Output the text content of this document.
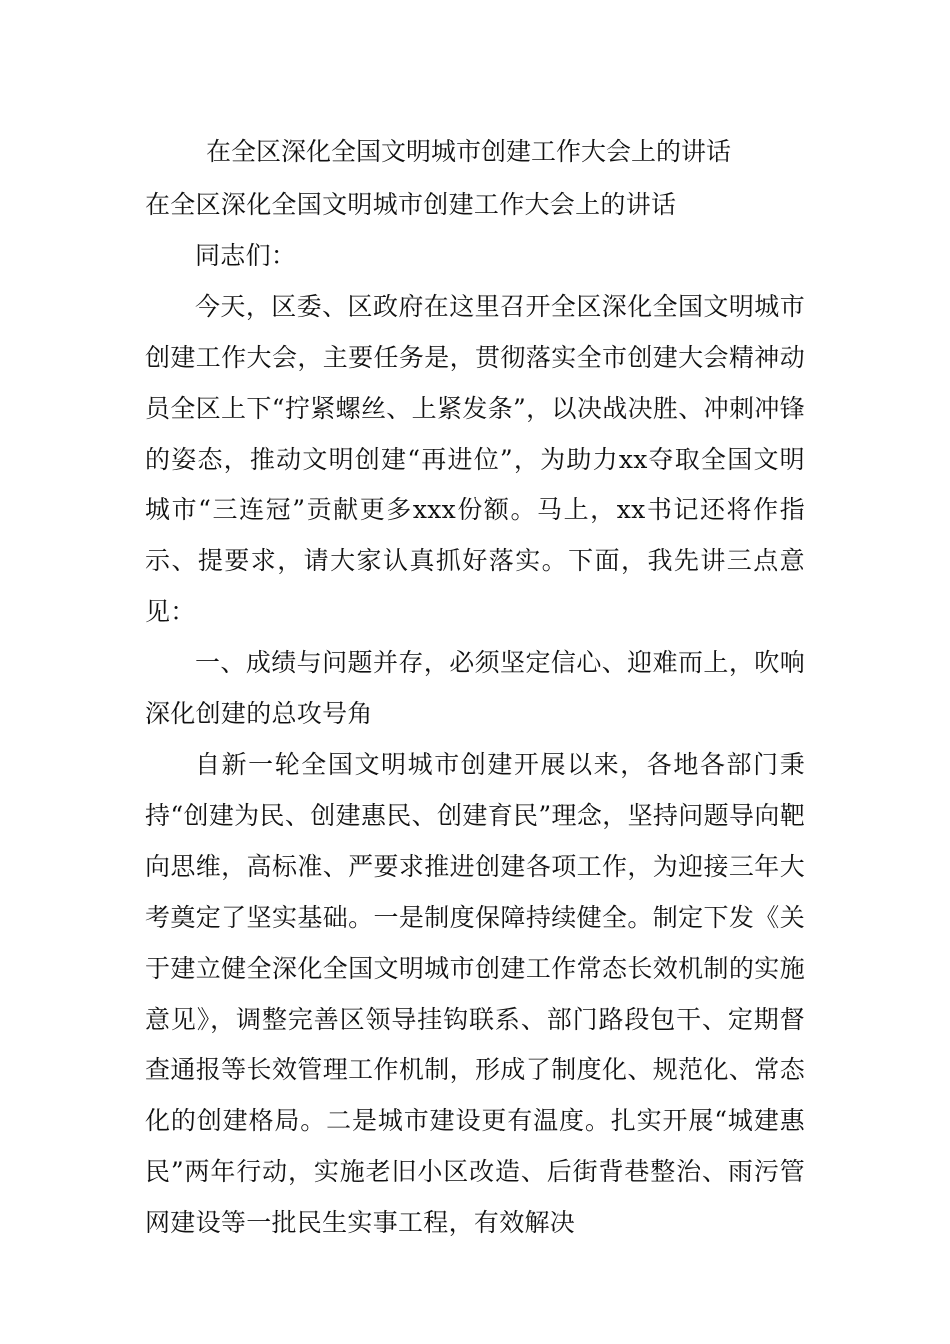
在全区深化全国文明城市创建工作大会上的讲话

在全区深化全国文明城市创建工作大会上的讲话

同志们：

今天，区委、区政府在这里召开全区深化全国文明城市创建工作大会，主要任务是，贯彻落实全市创建大会精神动员全区上下“拧紧螺丝、上紧发条”，以决战决胜、冲刺冲锋的姿态，推动文明创建“再进位”，为助力xx夺取全国文明城市“三连冠”贡献更多xxx份额。马上，xx书记还将作指示、提要求，请大家认真抓好落实。下面，我先讲三点意见：

一、成绩与问题并存，必须坚定信心、迎难而上，吹响深化创建的总攻号角

自新一轮全国文明城市创建开展以来，各地各部门秉持“创建为民、创建惠民、创建育民”理念，坚持问题导向靶向思维，高标准、严要求推进创建各项工作，为迎接三年大考奠定了坚实基础。一是制度保障持续健全。制定下发《关于建立健全深化全国文明城市创建工作常态长效机制的实施意见》，调整完善区领导挂钩联系、部门路段包干、定期督查通报等长效管理工作机制，形成了制度化、规范化、常态化的创建格局。二是城市建设更有温度。扎实开展“城建惠民”两年行动，实施老旧小区改造、后街背巷整治、雨污管网建设等一批民生实事工程，有效解决
